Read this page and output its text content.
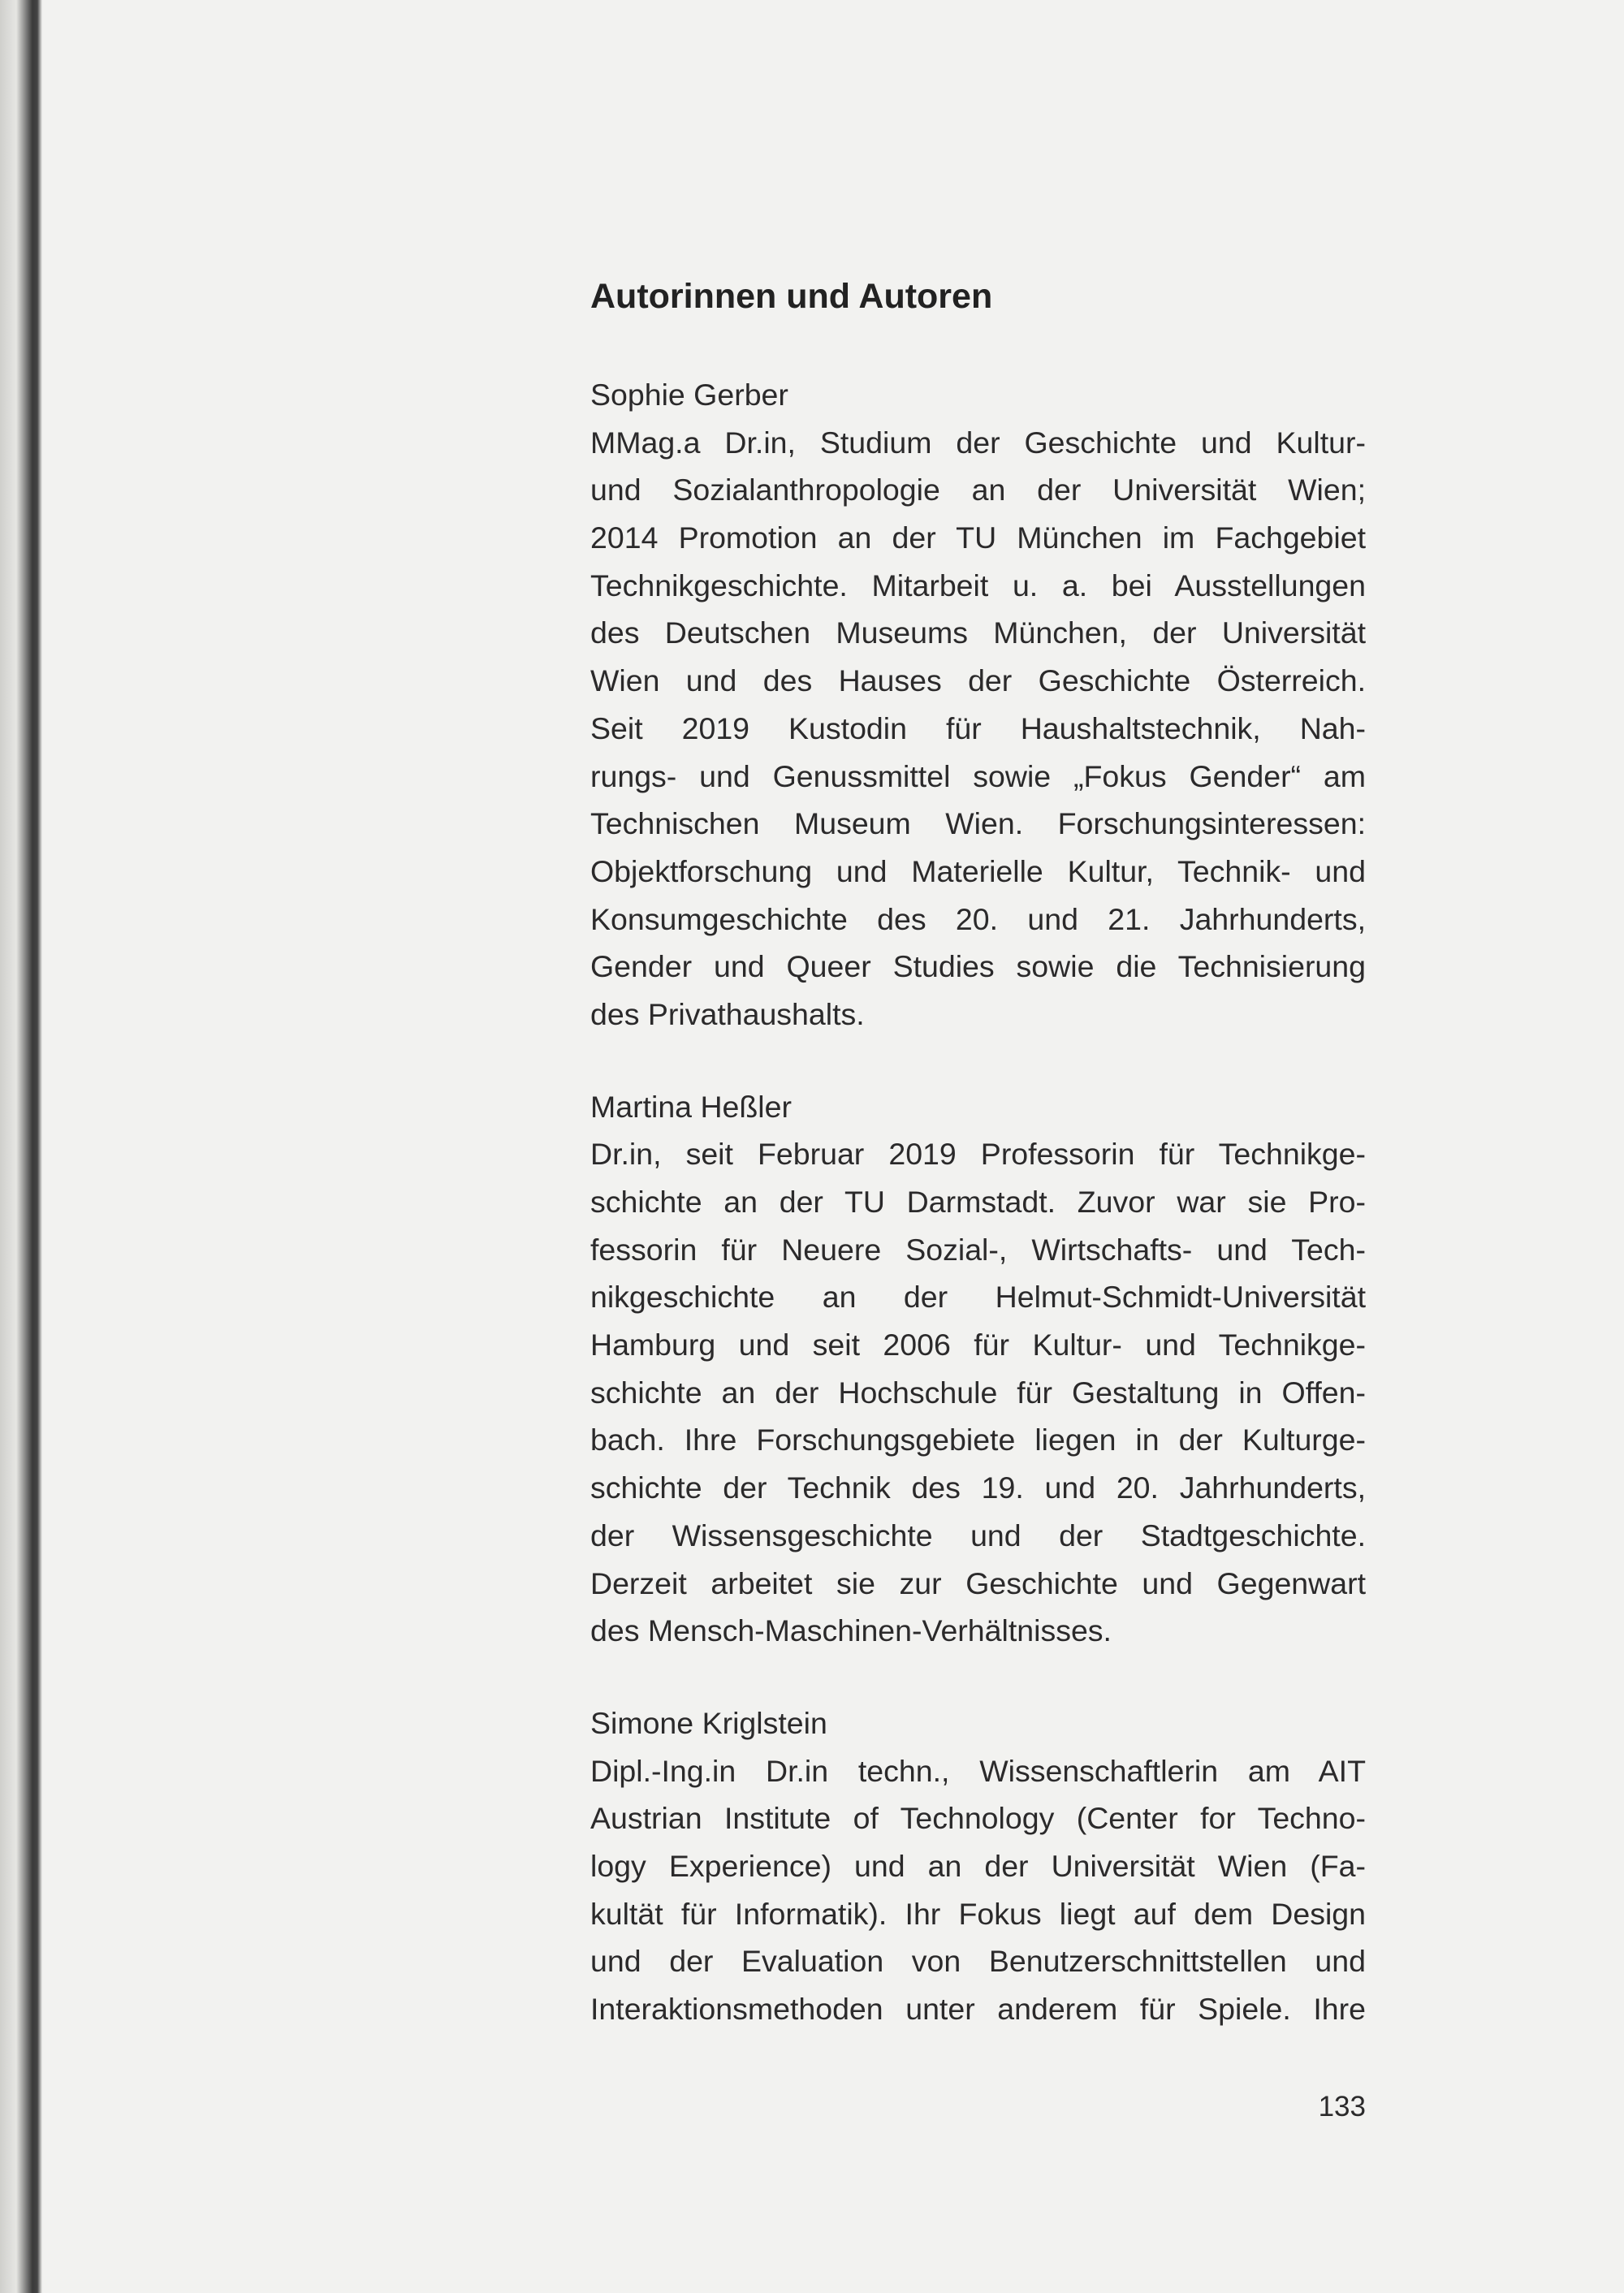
Autorinnen und Autoren
Sophie Gerber
MMag.a Dr.in, Studium der Geschichte und Kultur-
und Sozialanthropologie an der Universität Wien;
2014 Promotion an der TU München im Fachgebiet
Technikgeschichte. Mitarbeit u. a. bei Ausstellungen
des Deutschen Museums München, der Universität
Wien und des Hauses der Geschichte Österreich.
Seit 2019 Kustodin für Haushaltstechnik, Nah-
rungs- und Genussmittel sowie „Fokus Gender“ am
Technischen Museum Wien. Forschungsinteressen:
Objektforschung und Materielle Kultur, Technik- und
Konsumgeschichte des 20. und 21. Jahrhunderts,
Gender und Queer Studies sowie die Technisierung
des Privathaushalts.
Martina Heßler
Dr.in, seit Februar 2019 Professorin für Technikge-
schichte an der TU Darmstadt. Zuvor war sie Pro-
fessorin für Neuere Sozial-, Wirtschafts- und Tech-
nikgeschichte an der Helmut-Schmidt-Universität
Hamburg und seit 2006 für Kultur- und Technikge-
schichte an der Hochschule für Gestaltung in Offen-
bach. Ihre Forschungsgebiete liegen in der Kulturge-
schichte der Technik des 19. und 20. Jahrhunderts,
der Wissensgeschichte und der Stadtgeschichte.
Derzeit arbeitet sie zur Geschichte und Gegenwart
des Mensch-Maschinen-Verhältnisses.
Simone Kriglstein
Dipl.-Ing.in Dr.in techn., Wissenschaftlerin am AIT
Austrian Institute of Technology (Center for Techno-
logy Experience) und an der Universität Wien (Fa-
kultät für Informatik). Ihr Fokus liegt auf dem Design
und der Evaluation von Benutzerschnittstellen und
Interaktionsmethoden unter anderem für Spiele. Ihre
133
